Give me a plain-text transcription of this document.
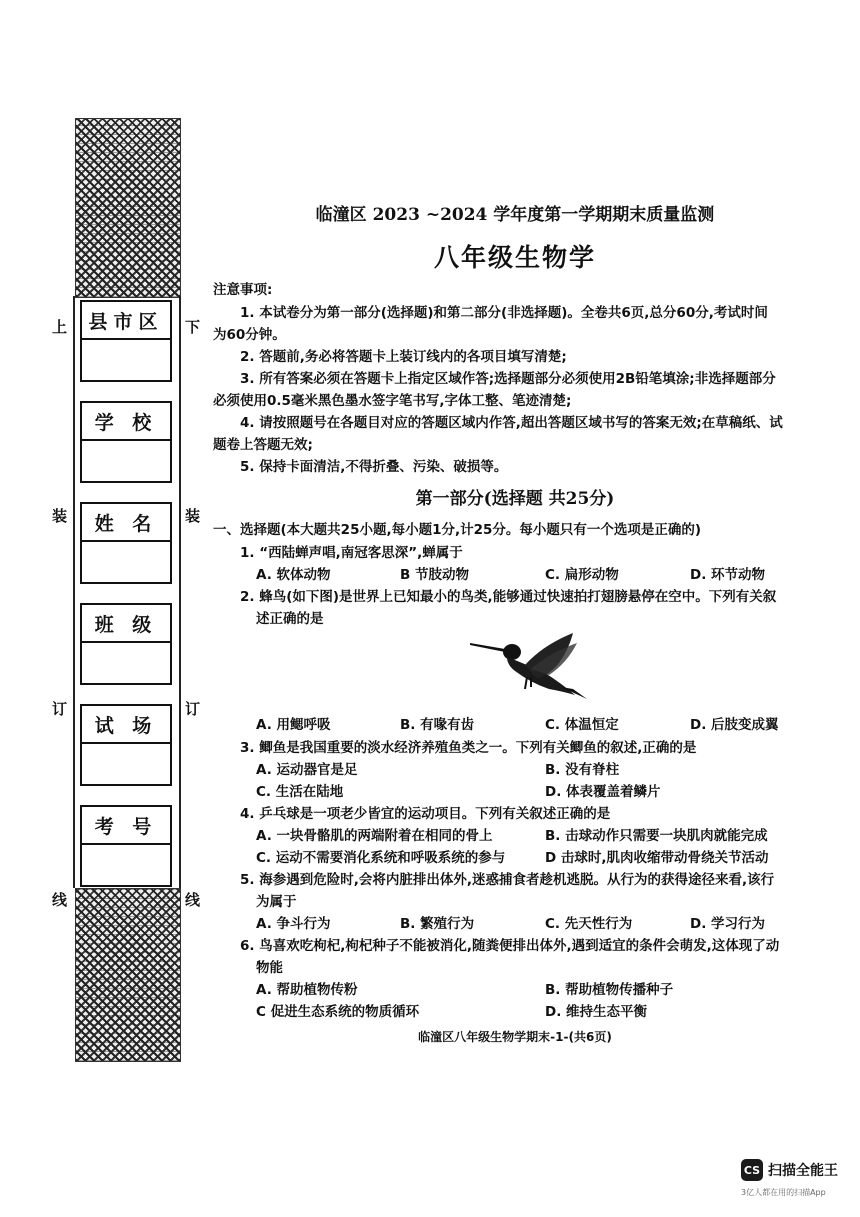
上
装
订
线
下
装
订
线
县市区
学 校
姓 名
班 级
试 场
考 号
临潼区 2023 ~2024 学年度第一学期期末质量监测
八年级生物学
注意事项:
1. 本试卷分为第一部分(选择题)和第二部分(非选择题)。全卷共6页,总分60分,考试时间
为60分钟。
2. 答题前,务必将答题卡上装订线内的各项目填写清楚;
3. 所有答案必须在答题卡上指定区域作答;选择题部分必须使用2B铅笔填涂;非选择题部分
必须使用0.5毫米黑色墨水签字笔书写,字体工整、笔迹清楚;
4. 请按照题号在各题目对应的答题区域内作答,超出答题区域书写的答案无效;在草稿纸、试
题卷上答题无效;
5. 保持卡面清洁,不得折叠、污染、破损等。
第一部分(选择题 共25分)
一、选择题(本大题共25小题,每小题1分,计25分。每小题只有一个选项是正确的)
1. “西陆蝉声唱,南冠客思深”,蝉属于
A. 软体动物	B 节肢动物	C. 扁形动物	D. 环节动物
2. 蜂鸟(如下图)是世界上已知最小的鸟类,能够通过快速拍打翅膀悬停在空中。下列有关叙
述正确的是
A. 用鳃呼吸	B. 有喙有齿	C. 体温恒定	D. 后肢变成翼
3. 鲫鱼是我国重要的淡水经济养殖鱼类之一。下列有关鲫鱼的叙述,正确的是
A. 运动器官是足	B. 没有脊柱
C. 生活在陆地	D. 体表覆盖着鳞片
4. 乒乓球是一项老少皆宜的运动项目。下列有关叙述正确的是
A. 一块骨骼肌的两端附着在相同的骨上	B. 击球动作只需要一块肌肉就能完成
C. 运动不需要消化系统和呼吸系统的参与	D 击球时,肌肉收缩带动骨绕关节活动
5. 海参遇到危险时,会将内脏排出体外,迷惑捕食者趁机逃脱。从行为的获得途径来看,该行
为属于
A. 争斗行为	B. 繁殖行为	C. 先天性行为	D. 学习行为
6. 鸟喜欢吃枸杞,枸杞种子不能被消化,随粪便排出体外,遇到适宜的条件会萌发,这体现了动
物能
A. 帮助植物传粉	B. 帮助植物传播种子
C 促进生态系统的物质循环	D. 维持生态平衡
临潼区八年级生物学期末-1-(共6页)
CS 扫描全能王
3亿人都在用的扫描App
